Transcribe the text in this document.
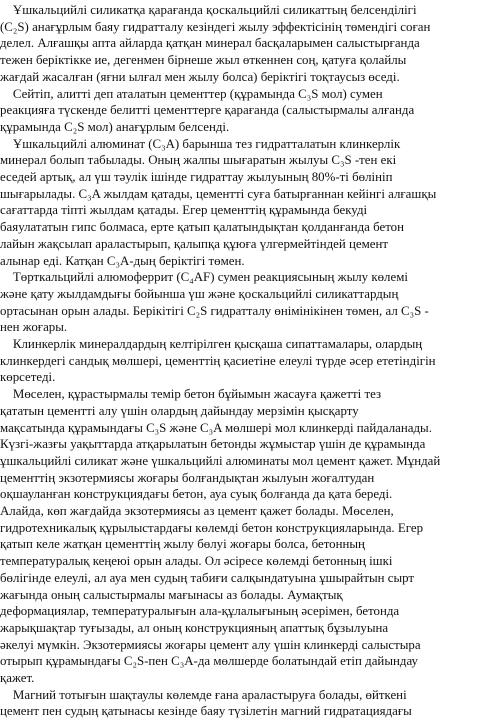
Ұшкальцийлі силикатқа қарағанда қоскальцийлі силикаттың белсенділігі
(C₂S) анағұрлым баяу гидратталу кезіндегі жылу эффектісінің төмендігі соған
делел. Алғашқы апта айларда қатқан минерал басқаларымен салыстырғанда
тежен беріктікке ие, дегенмен бірнеше жыл өткеннен соң, қатуға қолайлы
жағдай жасалған (яғни ылғал мен жылу болса) беріктігі тоқтаусыз өседі.
Сейтіп, алитті деп аталатын цементтер (құрамында C₃S мол) сумен
реакцияға түскенде белитті цементтерге қарағанда (салыстырмалы алғанда
құрамында C₂S мол) анағұрлым белсенді.
Ұшкальцийлі алюминат (C₃A) барынша тез гидратталатын клинкерлік
минерал болып табылады. Оның жалпы шығаратын жылуы C₃S -тен екі
еседей артық, ал үш тәулік ішінде гидраттау жылуының 80%-ті бөлініп
шығарылады. C₃A жылдам қатады, цементті суға батырғаннан кейінгі алғашқы
сағаттарда тіпті жылдам қатады. Егер цементтің құрамында бекуді
баяулататын гипс болмаса, ерте қатып қалатындықтан қолданғанда бетон
лайын жақсылап араластырып, қалыпқа құюға үлгермейтіндей цемент
алынар еді. Катқан C₃A-дың беріктігі төмен.
Төрткальцийлі алюмоферрит (C₄AF) сумен реакциясының жылу көлемі
және қату жылдамдығы бойынша үш және қоскальцийлі силикаттардың
ортасынан орын алады. Берікітігі C₂S гидратталу өнімінікінен төмен, ал C₃S -
нен жоғары.
Клинкерлік минералдардың келтірілген қысқаша сипаттамалары, олардың
клинкердегі сандық мөлшері, цементтің қасиетіне елеулі түрде әсер ететіндігін
көрсетеді.
Мөселен, құрастырмалы темір бетон бұйымын жасауға қажетті тез
қататын цементті алу үшін олардың дайындау мерзімін қысқарту
мақсатында құрамындағы C₃S және C₃A мөлшері мол клинкерді пайдаланады.
Күзгі-жазғы уақыттарда атқарылатын бетонды жұмыстар үшін де құрамында
ұшкальцийлі силикат және үшкальцийлі алюминаты мол цемент қажет. Мұндай
цементтің экзотермиясы жоғары болғандықтан жылуын жоғалтудан
оқшауланған конструкциядағы бетон, ауа суық болғанда да қата береді.
Алайда, көп жағдайда экзотермиясы аз цемент қажет болады. Мөселен,
гидротехникалық құрылыстардағы көлемді бетон конструкцияларында. Егер
қатып келе жатқан цементтің жылу бөлуі жоғары болса, бетонның
температуралық кеңеюі орын алады. Ол әсіресе көлемді бетонның ішкі
бөлігінде елеулі, ал ауа мен судың табиғи салқындатуына ұшырайтын сырт
жағында оның салыстырмалы мағынасы аз болады. Аумақтық
деформациялар, температуралығын ала-құлалығының әсерімен, бетонда
жарықшақтар туғызады, ал оның конструкцияның апаттық бұзылуына
әкелуі мүмкін. Экзотермиясы жоғары цемент алу үшін клинкерді салыстыра
отырып құрамындағы C₂S-пен C₃A-да мөлшерде болатындай етіп дайындау
қажет.
Магний тотығын шақтаулы көлемде ғана араластыруға болады, өйткені
цемент пен судың қатынасы кезінде баяу түзілетін магний гидратациядағы
